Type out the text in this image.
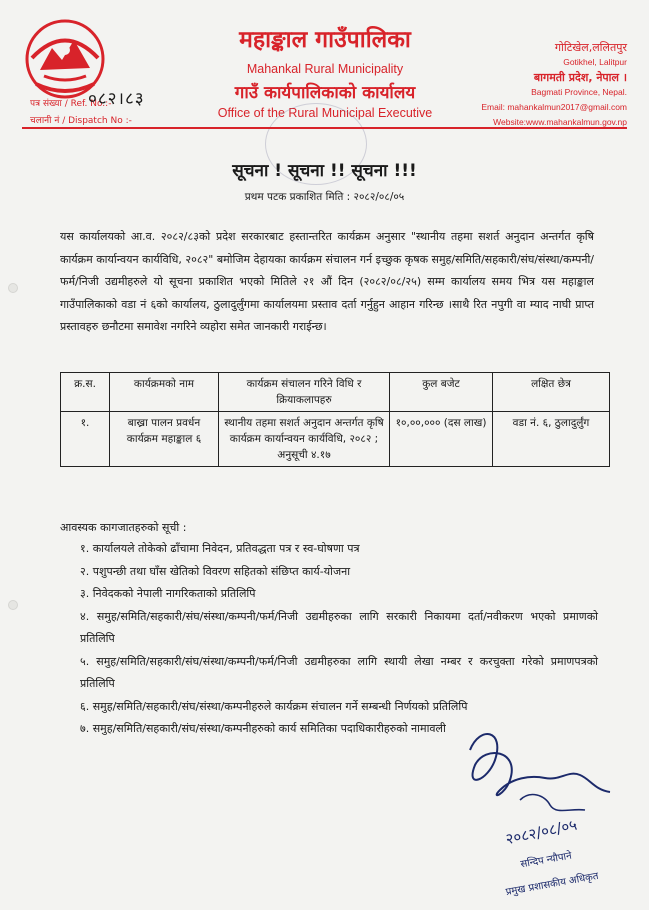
महाङ्काल गाउँपालिका
Mahankal Rural Municipality
गाउँ कार्यपालिकाको कार्यालय
Office of the Rural Municipal Executive
गोटिखेल,ललितपुर
Gotikhel, Lalitpur
बागमती प्रदेश, नेपाल ।
Bagmati Province, Nepal.
Email: mahankalmun2017@gmail.com
Website:www.mahankalmun.gov.np
पत्र संख्या / Ref. No.:-
चलानी नं / Dispatch No :-
०८२।८३
सूचना ! सूचना !! सूचना !!!
प्रथम पटक प्रकाशित मिति : २०८२/०८/०५
यस कार्यालयको आ.व. २०८२/८३को प्रदेश सरकारबाट हस्तान्तरित कार्यक्रम अनुसार "स्थानीय तहमा सशर्त अनुदान अन्तर्गत कृषि कार्यक्रम कार्यान्वयन कार्यविधि, २०८२" बमोजिम देहायका कार्यक्रम संचालन गर्न इच्छुक कृषक समुह/समिति/सहकारी/संघ/संस्था/कम्पनी/फर्म/निजी उद्यमीहरुले यो सूचना प्रकाशित भएको मितिले २१ औं दिन (२०८२/०८/२५) सम्म कार्यालय समय भित्र यस महाङ्काल गाउँपालिकाको वडा नं ६को कार्यालय, ठुलादुर्लुंगमा कार्यालयमा प्रस्ताव दर्ता गर्नुहुन आहान गरिन्छ ।साथै रित नपुगी वा म्याद नाघी प्राप्त प्रस्तावहरु छनौटमा समावेश नगरिने व्यहोरा समेत जानकारी गराईन्छ।
क्र.स.	कार्यक्रमको नाम	कार्यक्रम संचालन गरिने विधि र क्रियाकलापहरु	कुल बजेट	लक्षित छेत्र
१.	बाख्रा पालन प्रवर्धन कार्यक्रम महाङ्काल ६	स्थानीय तहमा सशर्त अनुदान अन्तर्गत कृषि कार्यक्रम कार्यान्वयन कार्यविधि, २०८२ ; अनुसूची ४.१७	१०,००,००० (दस लाख)	वडा नं. ६, ठुलादुर्लुंग
आवस्यक कागजातहरुको सूची :
१. कार्यालयले तोकेको ढाँचामा निवेदन, प्रतिवद्धता पत्र र स्व-घोषणा पत्र
२. पशुपन्छी तथा घाँस खेतिको विवरण सहितको संछिप्त कार्य-योजना
३. निवेदकको नेपाली नागरिकताको प्रतिलिपि
४. समुह/समिति/सहकारी/संघ/संस्था/कम्पनी/फर्म/निजी उद्यमीहरुका लागि सरकारी निकायमा दर्ता/नवीकरण भएको प्रमाणको प्रतिलिपि
५. समुह/समिति/सहकारी/संघ/संस्था/कम्पनी/फर्म/निजी उद्यमीहरुका लागि स्थायी लेखा नम्बर र करचुक्ता गरेको प्रमाणपत्रको प्रतिलिपि
६. समुह/समिति/सहकारी/संघ/संस्था/कम्पनीहरुले कार्यक्रम संचालन गर्ने सम्बन्धी निर्णयको प्रतिलिपि
७. समुह/समिति/सहकारी/संघ/संस्था/कम्पनीहरुको कार्य समितिका पदाधिकारीहरुको नामावली
२०८२/०८/०५
सन्दिप न्यौपाने
प्रमुख प्रशासकीय अधिकृत
